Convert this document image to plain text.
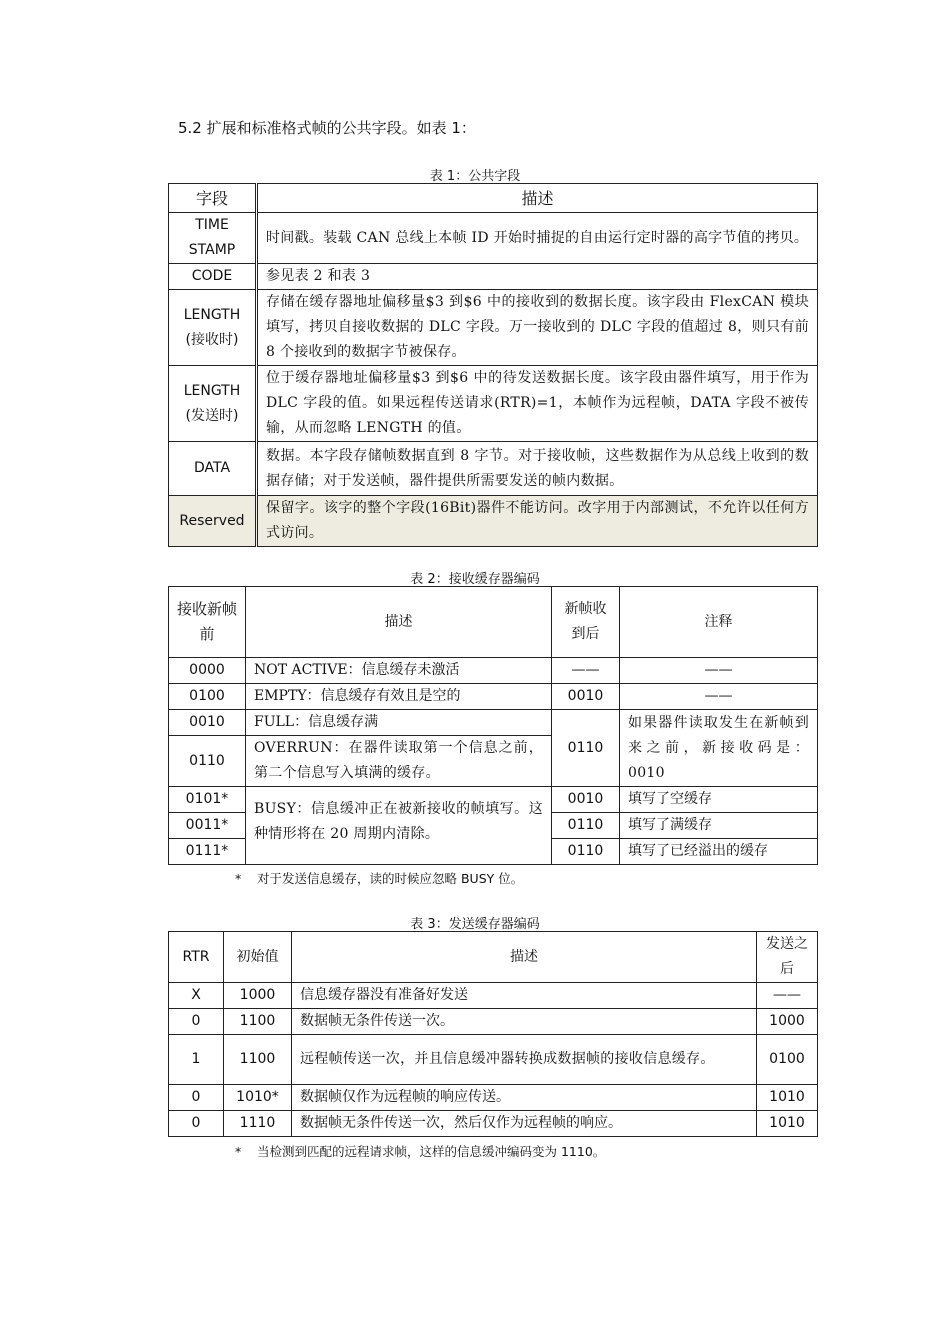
5.2 扩展和标准格式帧的公共字段。如表 1：
表 1：公共字段
字段	描述
TIME STAMP	时间戳。装载 CAN 总线上本帧 ID 开始时捕捉的自由运行定时器的高字节值的拷贝。
CODE	参见表 2 和表 3
LENGTH (接收时)	存储在缓存器地址偏移量$3 到$6 中的接收到的数据长度。该字段由 FlexCAN 模块填写，拷贝自接收数据的 DLC 字段。万一接收到的 DLC 字段的值超过 8，则只有前 8 个接收到的数据字节被保存。
LENGTH (发送时)	位于缓存器地址偏移量$3 到$6 中的待发送数据长度。该字段由器件填写，用于作为 DLC 字段的值。如果远程传送请求(RTR)=1，本帧作为远程帧，DATA 字段不被传输，从而忽略 LENGTH 的值。
DATA	数据。本字段存储帧数据直到 8 字节。对于接收帧，这些数据作为从总线上收到的数据存储；对于发送帧，器件提供所需要发送的帧内数据。
Reserved	保留字。该字的整个字段(16Bit)器件不能访问。改字用于内部测试，不允许以任何方式访问。
表 2：接收缓存器编码
接收新帧前	描述	新帧收到后	注释
0000	NOT ACTIVE：信息缓存未激活	——	——
0100	EMPTY：信息缓存有效且是空的	0010	——
0010	FULL：信息缓存满	0110	如果器件读取发生在新帧到来之前，新接收码是： 0010
0110	OVERRUN：在器件读取第一个信息之前，第二个信息写入填满的缓存。		
0101*	BUSY：信息缓冲正在被新接收的帧填写。这种情形将在 20 周期内清除。	0010	填写了空缓存
0011*		0110	填写了满缓存
0111*		0110	填写了已经溢出的缓存
* 对于发送信息缓存，读的时候应忽略 BUSY 位。
表 3：发送缓存器编码
RTR	初始值	描述	发送之后
X	1000	信息缓存器没有准备好发送	——
0	1100	数据帧无条件传送一次。	1000
1	1100	远程帧传送一次，并且信息缓冲器转换成数据帧的接收信息缓存。	0100
0	1010*	数据帧仅作为远程帧的响应传送。	1010
0	1110	数据帧无条件传送一次，然后仅作为远程帧的响应。	1010
* 当检测到匹配的远程请求帧，这样的信息缓冲编码变为 1110。
